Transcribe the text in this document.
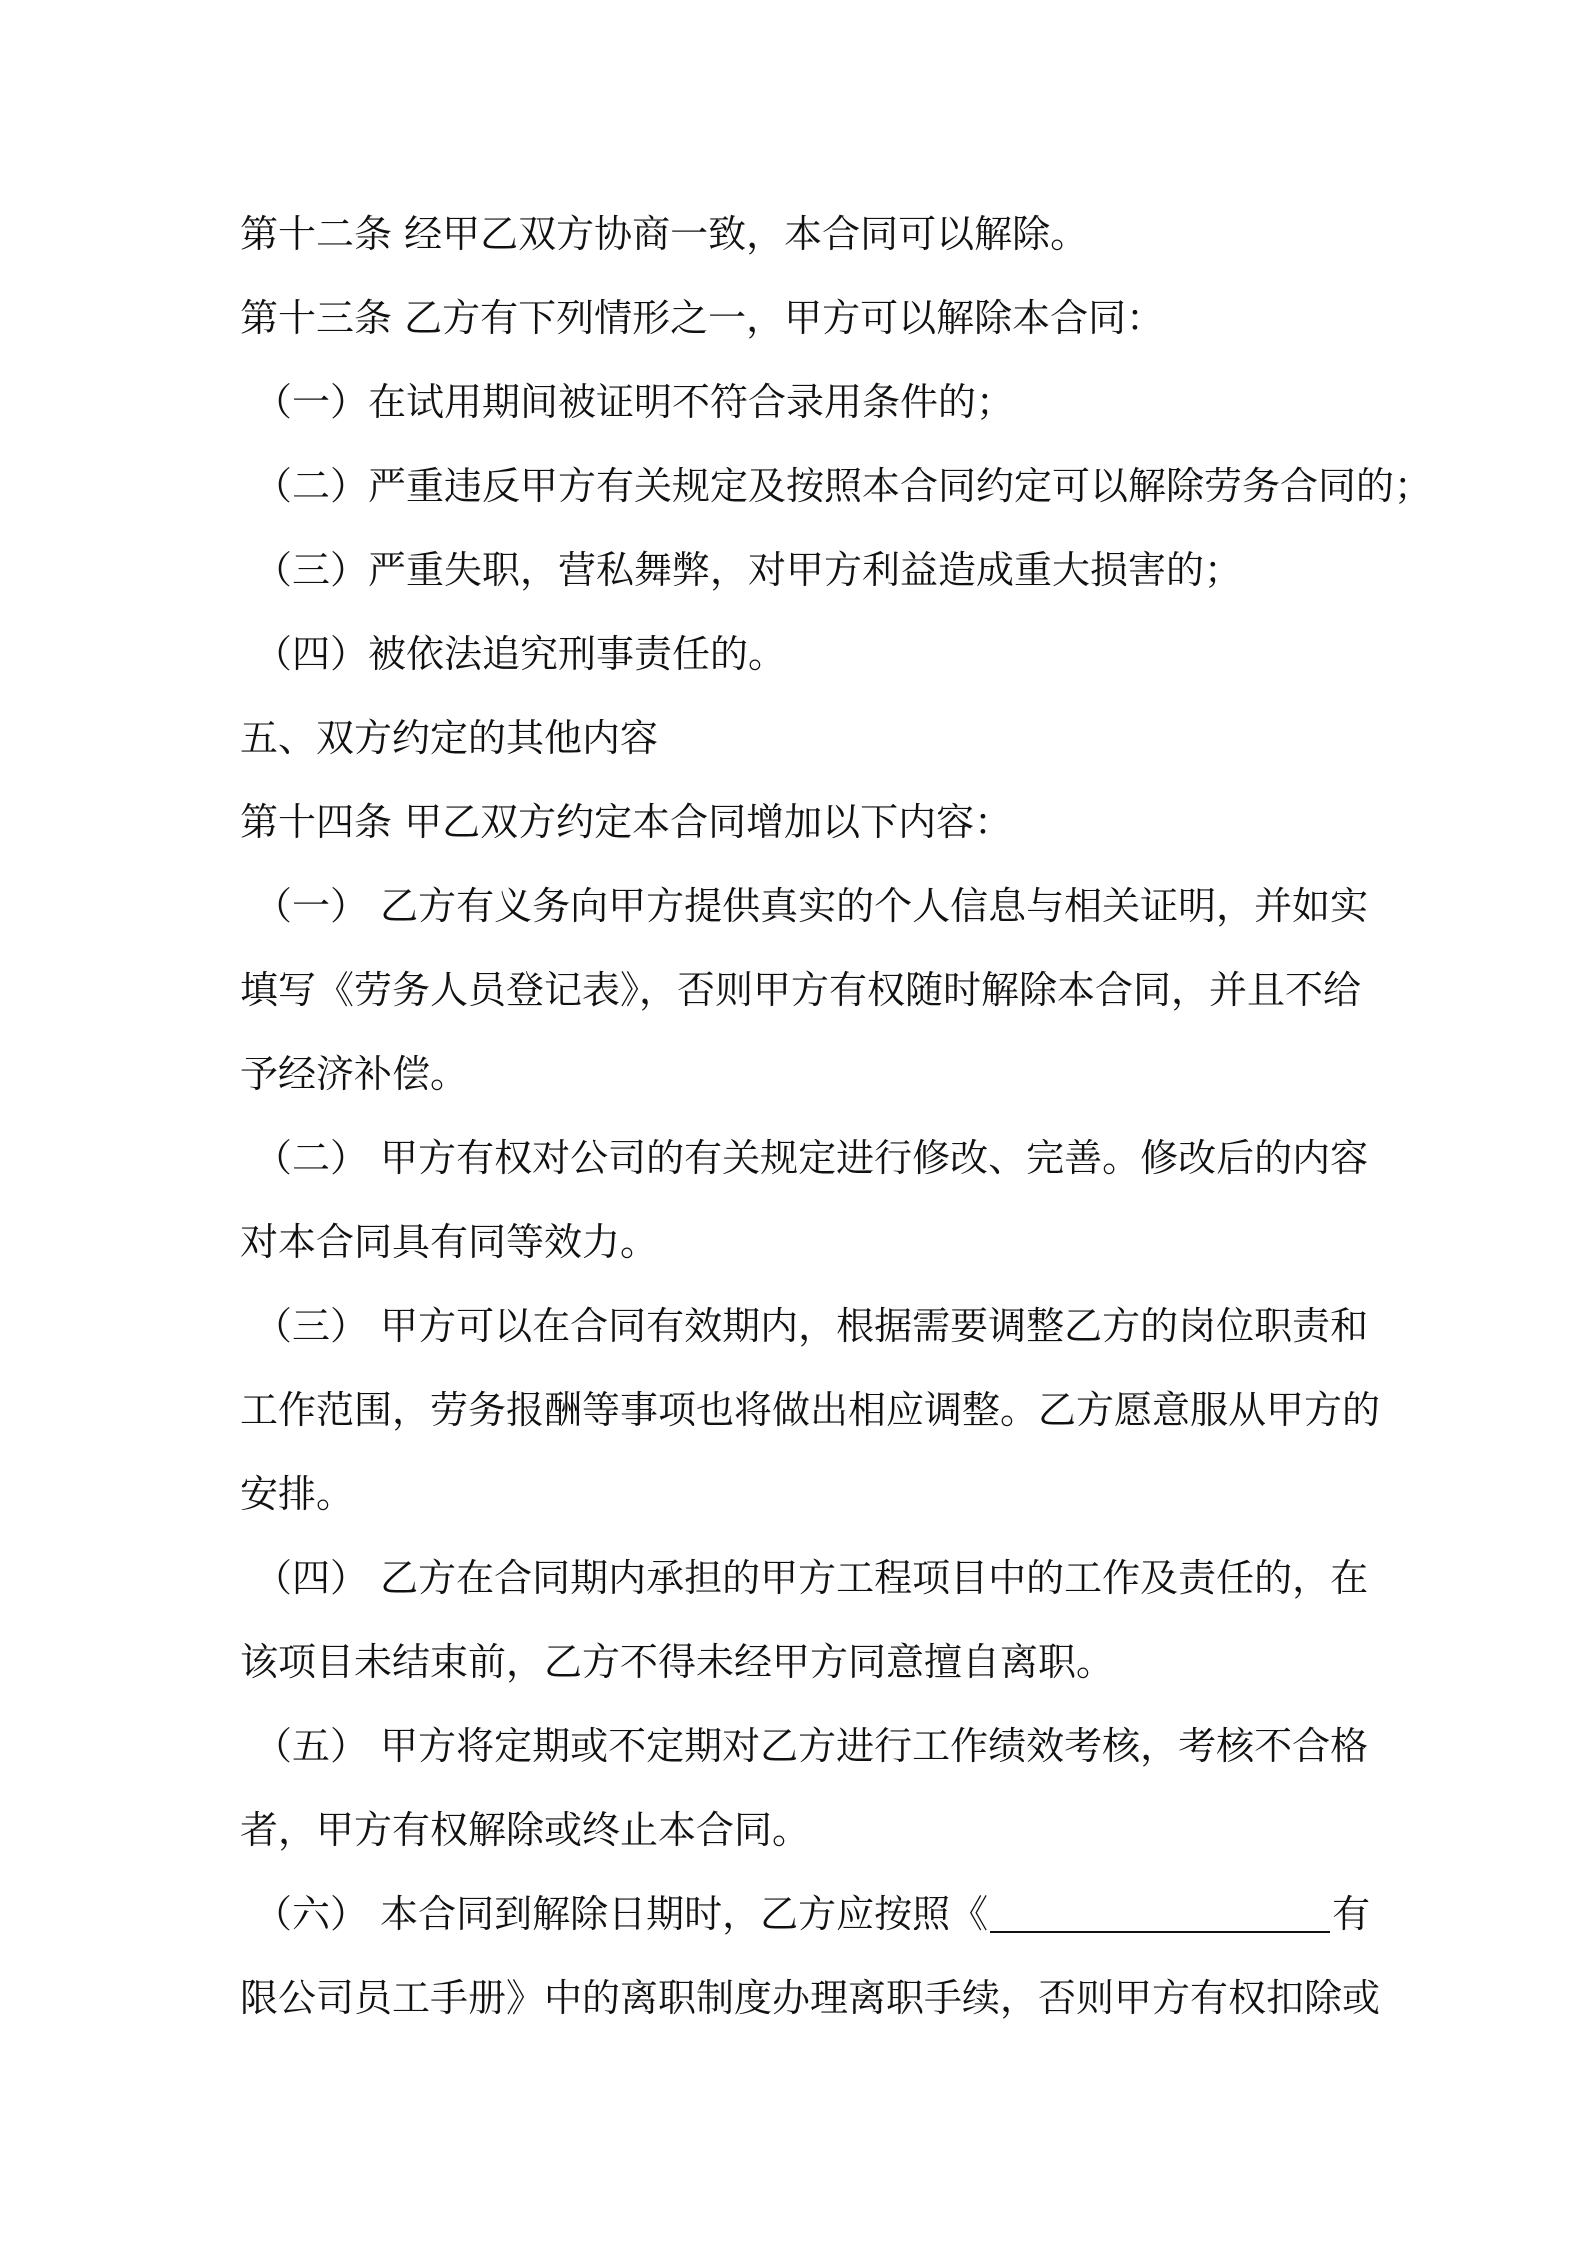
第十二条 经甲乙双方协商一致，本合同可以解除。
第十三条 乙方有下列情形之一，甲方可以解除本合同：
（一）在试用期间被证明不符合录用条件的；
（二）严重违反甲方有关规定及按照本合同约定可以解除劳务合同的；
（三）严重失职，营私舞弊，对甲方利益造成重大损害的；
（四）被依法追究刑事责任的。
五、双方约定的其他内容
第十四条 甲乙双方约定本合同增加以下内容：
（一） 乙方有义务向甲方提供真实的个人信息与相关证明，并如实
填写《劳务人员登记表》，否则甲方有权随时解除本合同，并且不给
予经济补偿。
（二） 甲方有权对公司的有关规定进行修改、完善。修改后的内容
对本合同具有同等效力。
（三） 甲方可以在合同有效期内，根据需要调整乙方的岗位职责和
工作范围，劳务报酬等事项也将做出相应调整。乙方愿意服从甲方的
安排。
（四） 乙方在合同期内承担的甲方工程项目中的工作及责任的，在
该项目未结束前，乙方不得未经甲方同意擅自离职。
（五） 甲方将定期或不定期对乙方进行工作绩效考核，考核不合格
者，甲方有权解除或终止本合同。
（六） 本合同到解除日期时，乙方应按照《	有
限公司员工手册》中的离职制度办理离职手续，否则甲方有权扣除或
